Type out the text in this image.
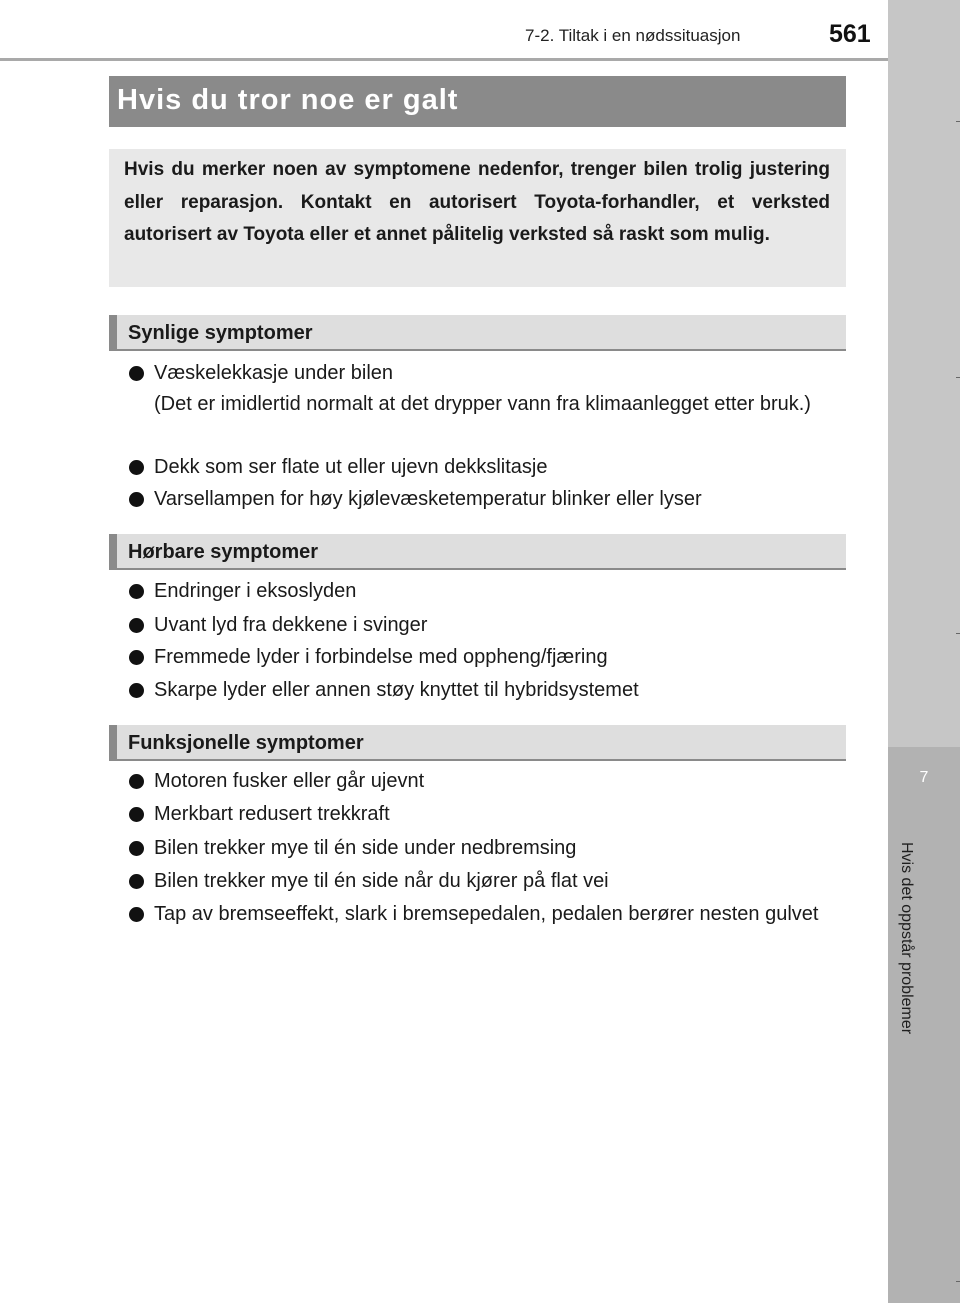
7-2. Tiltak i en nødssituasjon	561
7
Hvis det oppstår problemer
Hvis du tror noe er galt
Hvis du merker noen av symptomene nedenfor, trenger bilen trolig justering eller reparasjon. Kontakt en autorisert Toyota-forhandler, et verksted autorisert av Toyota eller et annet pålitelig verksted så raskt som mulig.
Synlige symptomer
Væskelekkasje under bilen
(Det er imidlertid normalt at det drypper vann fra klimaanlegget etter bruk.)
Dekk som ser flate ut eller ujevn dekkslitasje
Varsellampen for høy kjølevæsketemperatur blinker eller lyser
Hørbare symptomer
Endringer i eksoslyden
Uvant lyd fra dekkene i svinger
Fremmede lyder i forbindelse med oppheng/fjæring
Skarpe lyder eller annen støy knyttet til hybridsystemet
Funksjonelle symptomer
Motoren fusker eller går ujevnt
Merkbart redusert trekkraft
Bilen trekker mye til én side under nedbremsing
Bilen trekker mye til én side når du kjører på flat vei
Tap av bremseeffekt, slark i bremsepedalen, pedalen berører nesten gulvet
